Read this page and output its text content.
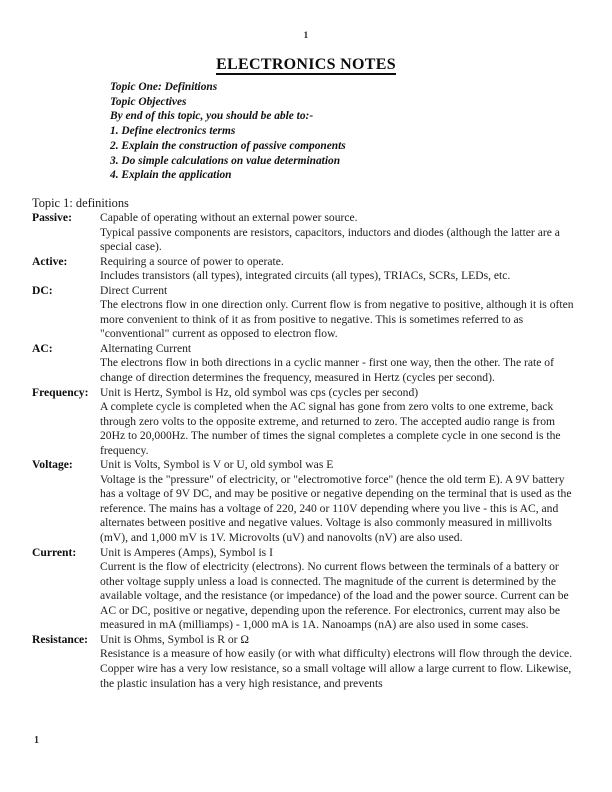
1
ELECTRONICS NOTES
Topic One: Definitions
Topic Objectives
By end of this topic, you should be able to:-
1. Define electronics terms
2. Explain the construction of passive components
3. Do simple calculations on value determination
4. Explain the application
Topic 1: definitions
Passive:	Capable of operating without an external power source.
Typical passive components are resistors, capacitors, inductors and diodes (although the latter are a special case).
Active:	Requiring a source of power to operate.
Includes transistors (all types), integrated circuits (all types), TRIACs, SCRs, LEDs, etc.
DC:	Direct Current
The electrons flow in one direction only. Current flow is from negative to positive, although it is often more convenient to think of it as from positive to negative. This is sometimes referred to as "conventional" current as opposed to electron flow.
AC:	Alternating Current
The electrons flow in both directions in a cyclic manner - first one way, then the other. The rate of change of direction determines the frequency, measured in Hertz (cycles per second).
Frequency: Unit is Hertz, Symbol is Hz, old symbol was cps (cycles per second)
A complete cycle is completed when the AC signal has gone from zero volts to one extreme, back through zero volts to the opposite extreme, and returned to zero. The accepted audio range is from 20Hz to 20,000Hz. The number of times the signal completes a complete cycle in one second is the frequency.
Voltage:	Unit is Volts, Symbol is V or U, old symbol was E
Voltage is the "pressure" of electricity, or "electromotive force" (hence the old term E). A 9V battery has a voltage of 9V DC, and may be positive or negative depending on the terminal that is used as the reference. The mains has a voltage of 220, 240 or 110V depending where you live - this is AC, and alternates between positive and negative values. Voltage is also commonly measured in millivolts (mV), and 1,000 mV is 1V. Microvolts (uV) and nanovolts (nV) are also used.
Current:	Unit is Amperes (Amps), Symbol is I
Current is the flow of electricity (electrons). No current flows between the terminals of a battery or other voltage supply unless a load is connected. The magnitude of the current is determined by the available voltage, and the resistance (or impedance) of the load and the power source. Current can be AC or DC, positive or negative, depending upon the reference. For electronics, current may also be measured in mA (milliamps) - 1,000 mA is 1A. Nanoamps (nA) are also used in some cases.
Resistance:	Unit is Ohms, Symbol is R or Ω
Resistance is a measure of how easily (or with what difficulty) electrons will flow through the device. Copper wire has a very low resistance, so a small voltage will allow a large current to flow. Likewise, the plastic insulation has a very high resistance, and prevents
1
